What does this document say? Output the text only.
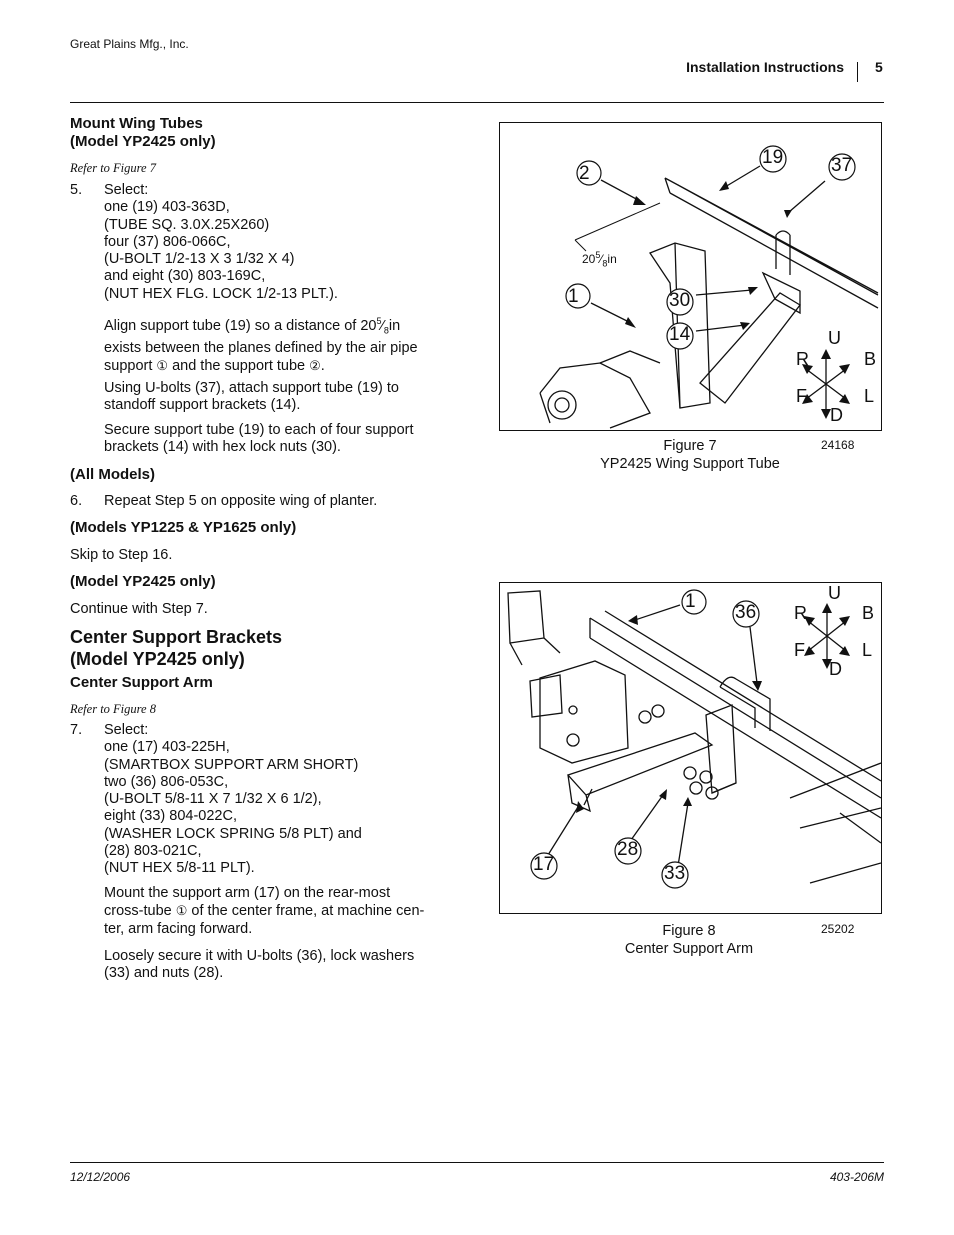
Great Plains Mfg., Inc.
Installation Instructions 5
Mount Wing Tubes
(Model YP2425 only)
Refer to Figure 7
5. Select:
one (19) 403-363D,
(TUBE SQ. 3.0X.25X260)
four (37) 806-066C,
(U-BOLT 1/2-13 X 3 1/32 X 4)
and eight (30) 803-169C,
(NUT HEX FLG. LOCK 1/2-13 PLT.).
Align support tube (19) so a distance of $20^5⁄_8in$
exists between the planes defined by the air pipe
support ① and the support tube ②.
Using U-bolts (37), attach support tube (19) to
standoff support brackets (14).
Secure support tube (19) to each of four support
brackets (14) with hex lock nuts (30).
(All Models)
6. Repeat Step 5 on opposite wing of planter.
(Models YP1225 & YP1625 only)
Skip to Step 16.
(Model YP2425 only)
Continue with Step 7.
Center Support Brackets
(Model YP2425 only)
Center Support Arm
Refer to Figure 8
7. Select:
one (17) 403-225H,
(SMARTBOX SUPPORT ARM SHORT)
two (36) 806-053C,
(U-BOLT 5/8-11 X 7 1/32 X 6 1/2),
eight (33) 804-022C,
(WASHER LOCK SPRING 5/8 PLT) and
(28) 803-021C,
(NUT HEX 5/8-11 PLT).
Mount the support arm (17) on the rear-most
cross-tube ① of the center frame, at machine cen-
ter, arm facing forward.
Loosely secure it with U-bolts (36), lock washers
(33) and nuts (28).
2
19	37
1	30
14
$20^5⁄_8in$
U
B
R
F	L
D
Figure 7
YP2425 Wing Support Tube
24168
1
36
17
28
33
U
B
R
F	L
D
Figure 8
Center Support Arm
25202
12/12/2006	403-206M
